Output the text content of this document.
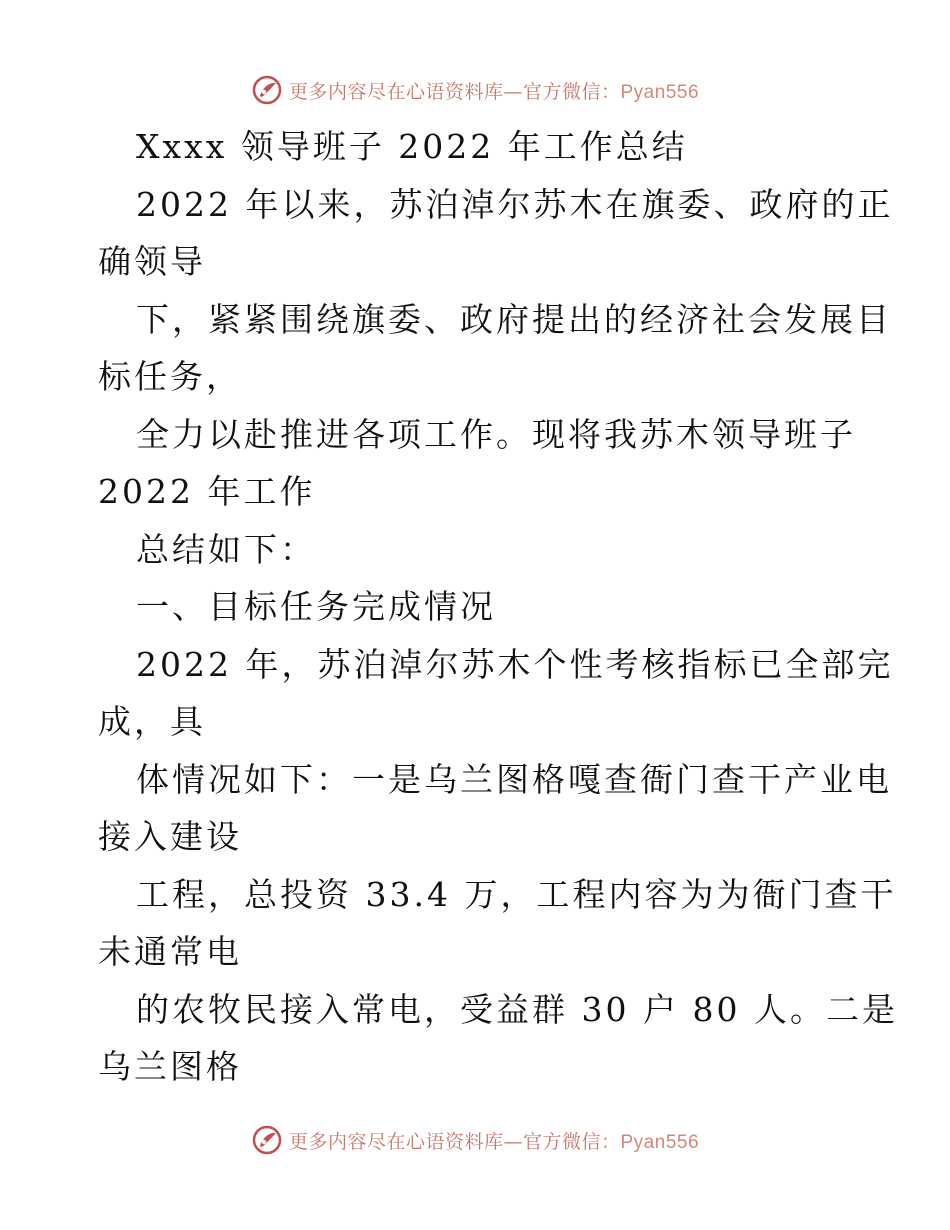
更多内容尽在心语资料库—官方微信：Pyan556
Xxxx 领导班子 2022 年工作总结
2022 年以来，苏泊淖尔苏木在旗委、政府的正
确领导
下，紧紧围绕旗委、政府提出的经济社会发展目
标任务，
全力以赴推进各项工作。现将我苏木领导班子
2022 年工作
总结如下：
一、目标任务完成情况
2022 年，苏泊淖尔苏木个性考核指标已全部完
成，具
体情况如下：一是乌兰图格嘎查衙门查干产业电
接入建设
工程，总投资 33.4 万，工程内容为为衙门查干
未通常电
的农牧民接入常电，受益群 30 户 80 人。二是
乌兰图格
更多内容尽在心语资料库—官方微信：Pyan556
